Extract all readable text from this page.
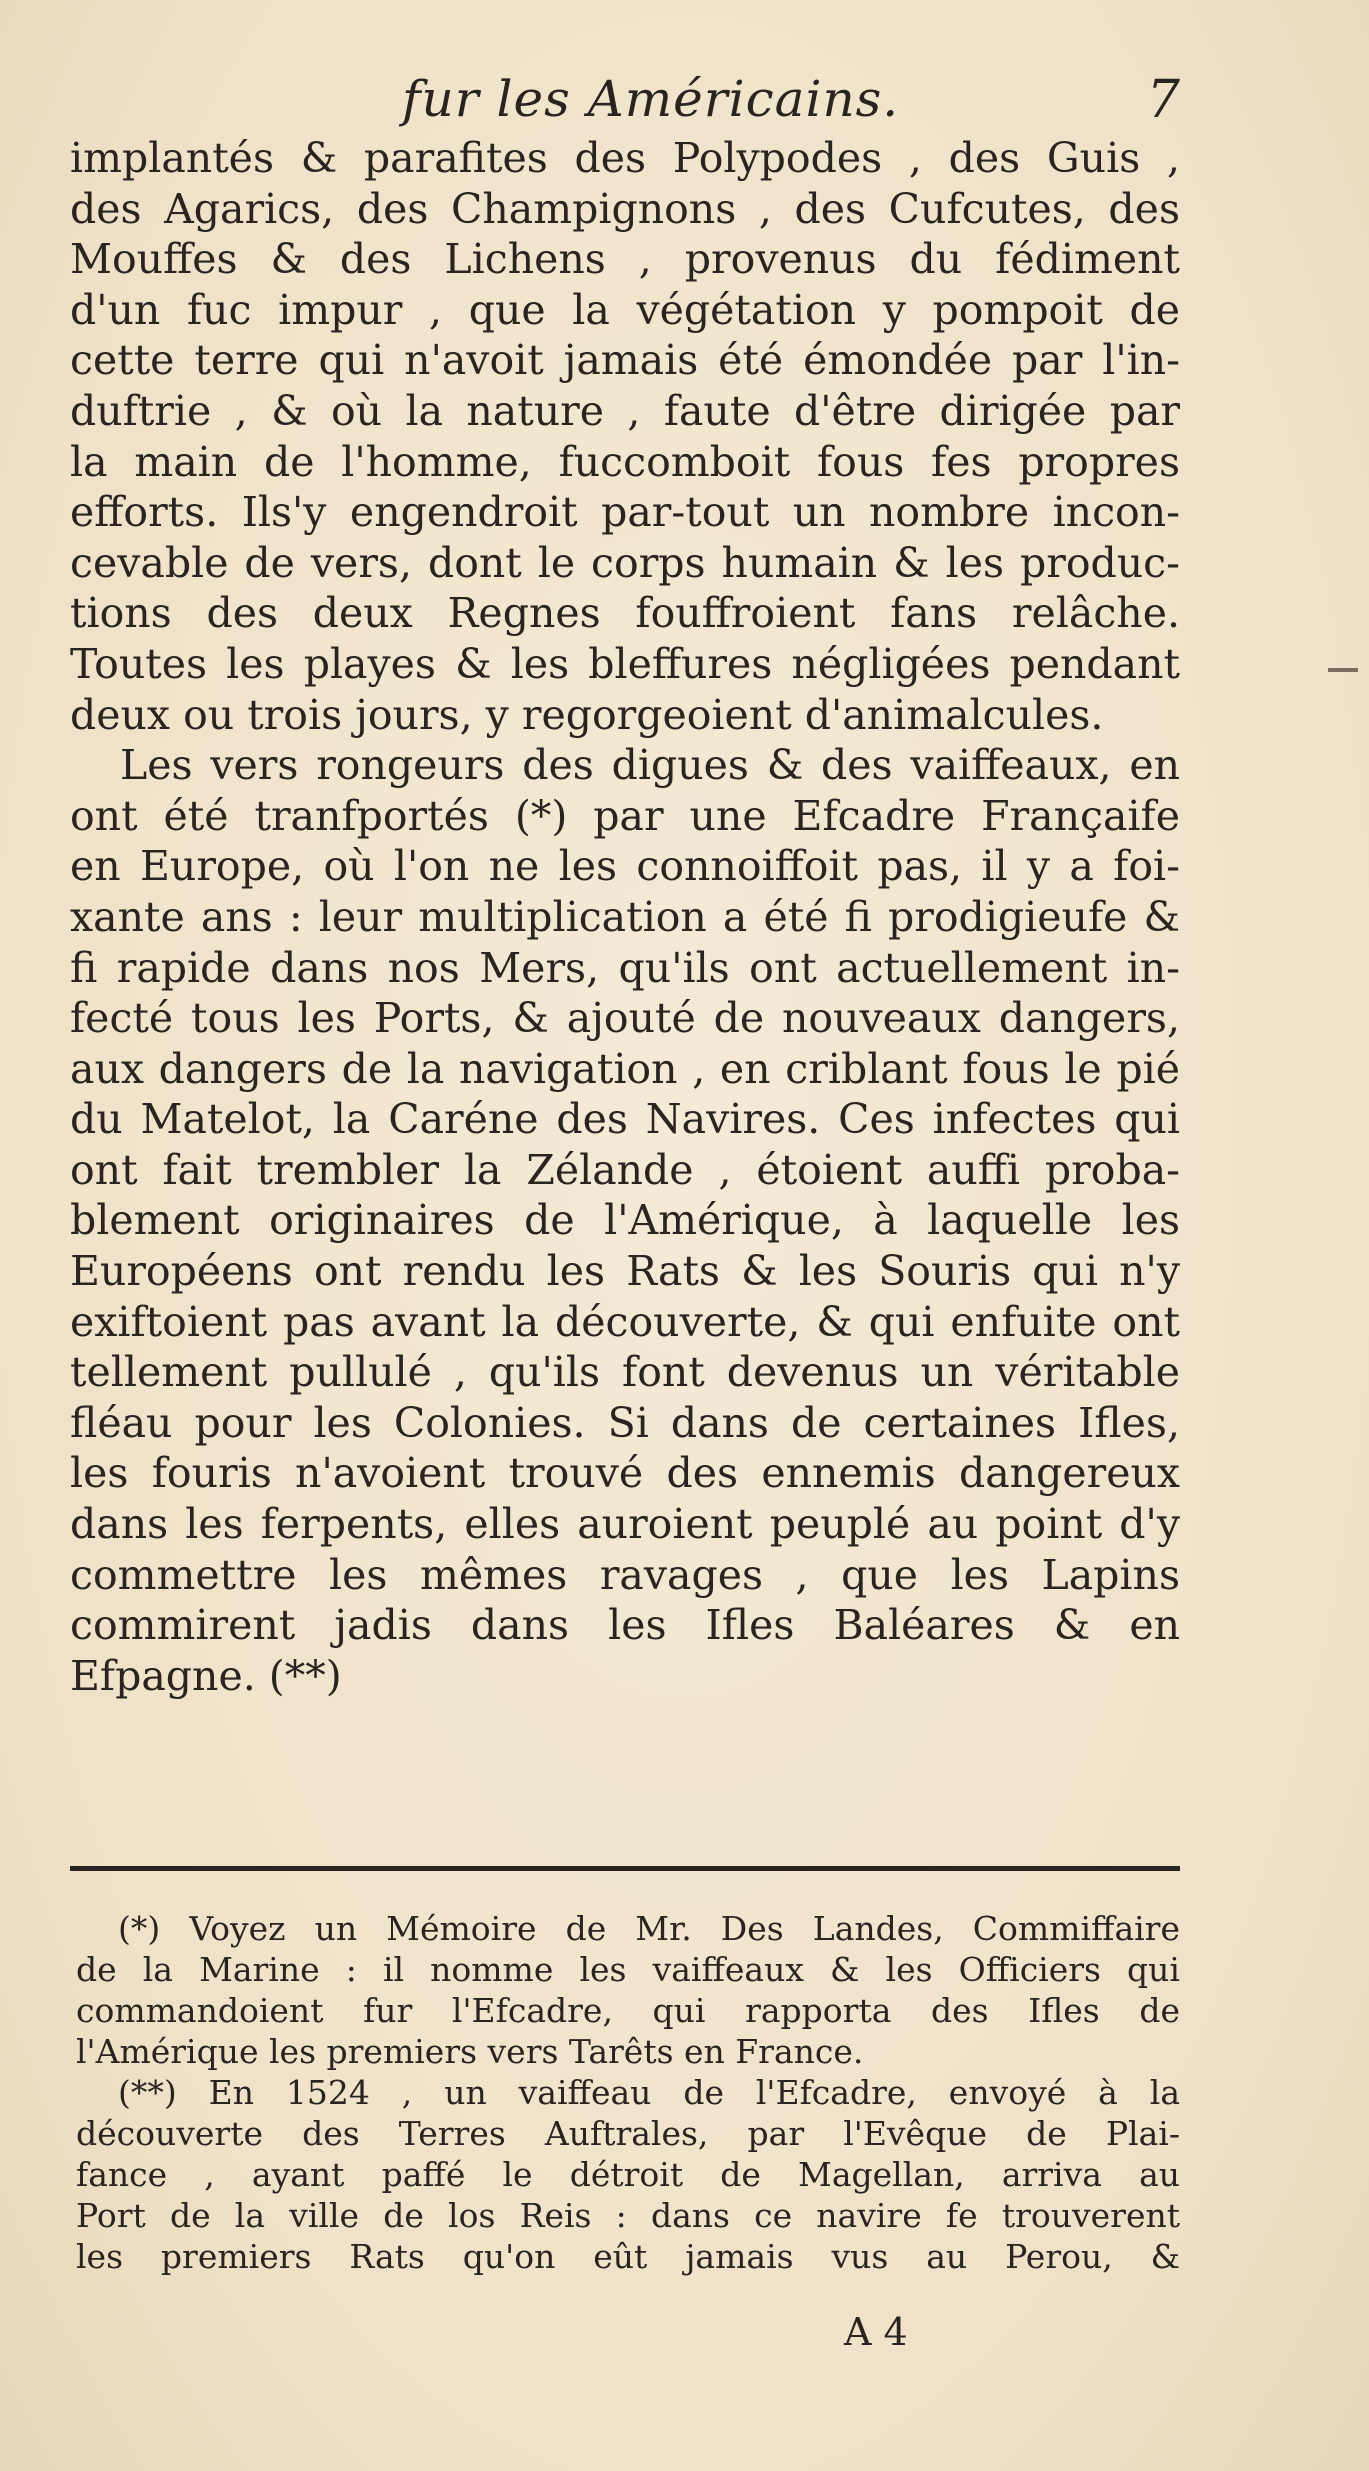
fur les Américains.	7
implantés & parafites des Polypodes , des Guis ,
des Agarics, des Champignons , des Cufcutes, des
Mouffes & des Lichens , provenus du fédiment
d'un fuc impur , que la végétation y pompoit de
cette terre qui n'avoit jamais été émondée par l'in-
duftrie , & où la nature , faute d'être dirigée par
la main de l'homme, fuccomboit fous fes propres
efforts. Ils'y engendroit par-tout un nombre incon-
cevable de vers, dont le corps humain & les produc-
tions des deux Regnes fouffroient fans relâche.
Toutes les playes & les bleffures négligées pendant
deux ou trois jours, y regorgeoient d'animalcules.
Les vers rongeurs des digues & des vaiffeaux, en
ont été tranfportés (*) par une Efcadre Françaife
en Europe, où l'on ne les connoiffoit pas, il y a foi-
xante ans : leur multiplication a été fi prodigieufe &
fi rapide dans nos Mers, qu'ils ont actuellement in-
fecté tous les Ports, & ajouté de nouveaux dangers,
aux dangers de la navigation , en criblant fous le pié
du Matelot, la Caréne des Navires. Ces infectes qui
ont fait trembler la Zélande , étoient auffi proba-
blement originaires de l'Amérique, à laquelle les
Européens ont rendu les Rats & les Souris qui n'y
exiftoient pas avant la découverte, & qui enfuite ont
tellement pullulé , qu'ils font devenus un véritable
fléau pour les Colonies. Si dans de certaines Ifles,
les fouris n'avoient trouvé des ennemis dangereux
dans les ferpents, elles auroient peuplé au point d'y
commettre les mêmes ravages , que les Lapins
commirent jadis dans les Ifles Baléares & en
Efpagne. (**)
(*) Voyez un Mémoire de Mr. Des Landes, Commiffaire
de la Marine : il nomme les vaiffeaux & les Officiers qui
commandoient fur l'Efcadre, qui rapporta des Ifles de
l'Amérique les premiers vers Tarêts en France.
(**) En 1524 , un vaiffeau de l'Efcadre, envoyé à la
découverte des Terres Auftrales, par l'Evêque de Plai-
fance , ayant paffé le détroit de Magellan, arriva au
Port de la ville de los Reis : dans ce navire fe trouverent
les premiers Rats qu'on eût jamais vus au Perou, &
A 4
